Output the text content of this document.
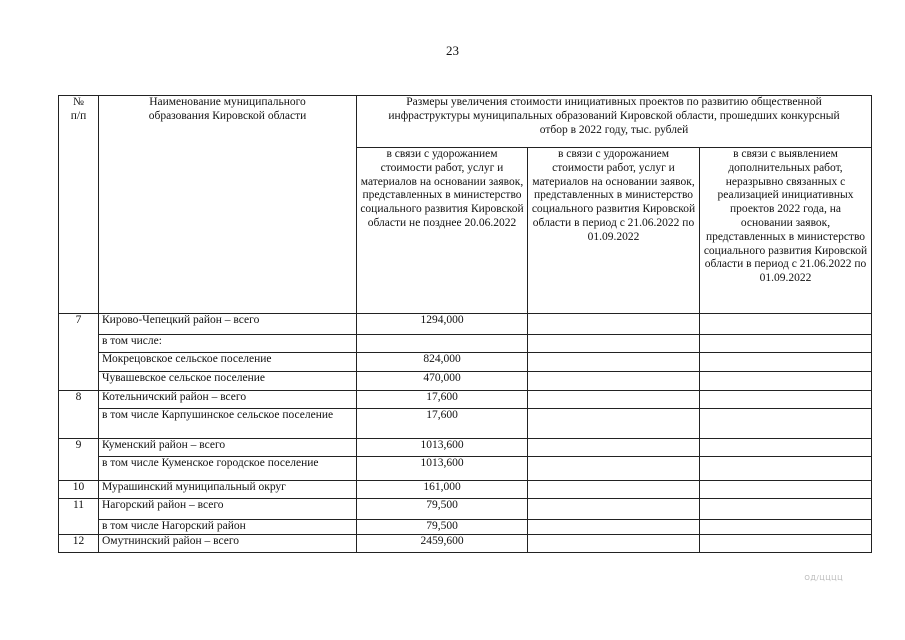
23
№
п/п	Наименование муниципального образования Кировской области	Размеры увеличения стоимости инициативных проектов по развитию общественной инфраструктуры муниципальных образований Кировской области, прошедших конкурсный отбор в 2022 году, тыс. рублей		
		в связи с удорожанием стоимости работ, услуг и материалов на основании заявок, представленных в министерство социального развития Кировской области не позднее 20.06.2022	в связи с удорожанием стоимости работ, услуг и материалов на основании заявок, представленных в министерство социального развития Кировской области в период с 21.06.2022 по 01.09.2022	в связи с выявлением дополнительных работ, неразрывно связанных с реализацией инициативных проектов 2022 года, на основании заявок, представленных в министерство социального развития Кировской области в период с 21.06.2022 по 01.09.2022
7	Кирово-Чепецкий район – всего	1294,000		
	в том числе:			
	Мокрецовское сельское поселение	824,000		
	Чувашевское сельское поселение	470,000		
8	Котельничский район – всего	17,600		
	в том числе Карпушинское сельское поселение	17,600		
9	Куменский район – всего	1013,600		
	в том числе Куменское городское поселение	1013,600		
10	Мурашинский муниципальный округ	161,000		
11	Нагорский район – всего	79,500		
	в том числе Нагорский район	79,500		
12	Омутнинский район – всего	2459,600		
ОД/ЦЦЦЦ
